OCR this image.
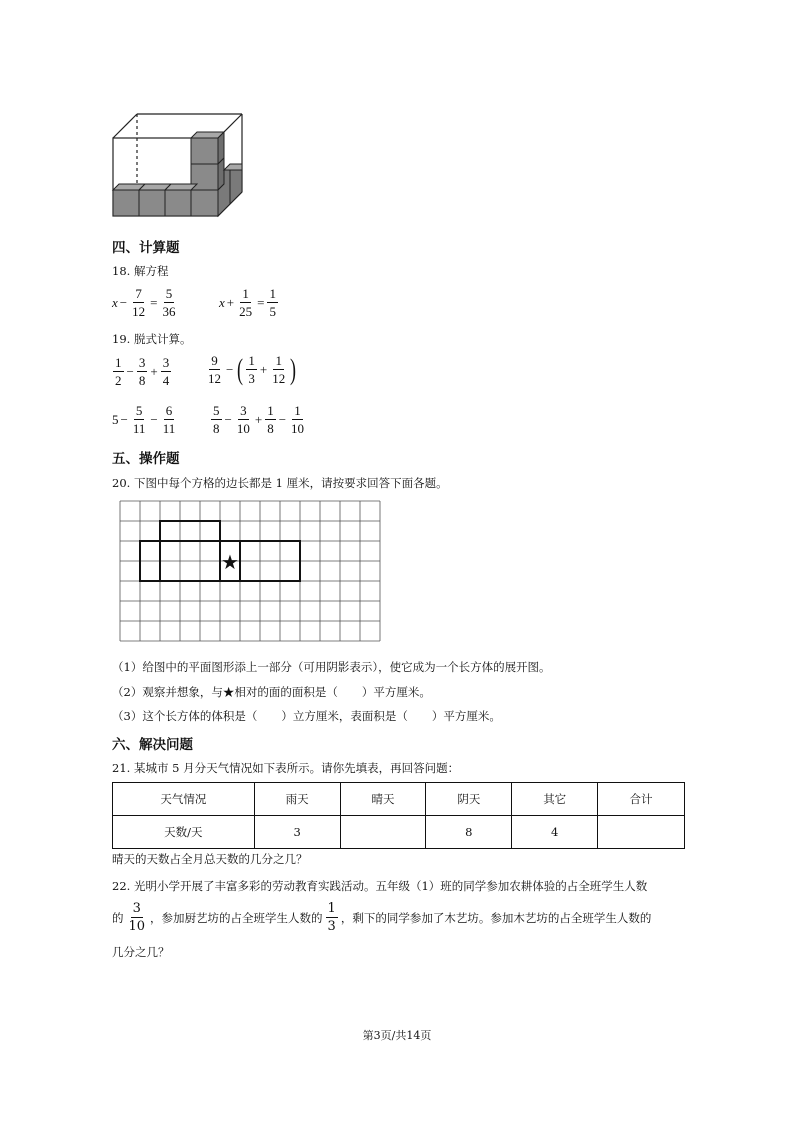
四、计算题
18. 解方程
$x - \frac{7}{12} = \frac{5}{36}$	$x + \frac{1}{25} = \frac{1}{5}$
19. 脱式计算。
$\frac{1}{2} - \frac{3}{8} + \frac{3}{4}$	$\frac{9}{12}$ − ( $\frac{1}{3} + \frac{1}{12}$ )
$5 - \frac{5}{11} - \frac{6}{11}$	$\frac{5}{8} - \frac{3}{10} + \frac{1}{8} - \frac{1}{10}$
五、操作题
20. 下图中每个方格的边长都是 1 厘米，请按要求回答下面各题。
★
（1）给图中的平面图形添上一部分（可用阴影表示），使它成为一个长方体的展开图。
（2）观察并想象，与★相对的面的面积是（ ）平方厘米。
（3）这个长方体的体积是（ ）立方厘米，表面积是（ ）平方厘米。
六、解决问题
21. 某城市 5 月分天气情况如下表所示。请你先填表，再回答问题：
天气情况	雨天	晴天	阴天	其它	合计
天数/天	3		8	4	
晴天的天数占全月总天数的几分之几？
22. 光明小学开展了丰富多彩的劳动教育实践活动。五年级（1）班的同学参加农耕体验的占全班学生人数
的 $\frac{3}{10}$ ，参加厨艺坊的占全班学生人数的 $\frac{1}{3}$ ，剩下的同学参加了木艺坊。参加木艺坊的占全班学生人数的
几分之几？
第3页/共14页
